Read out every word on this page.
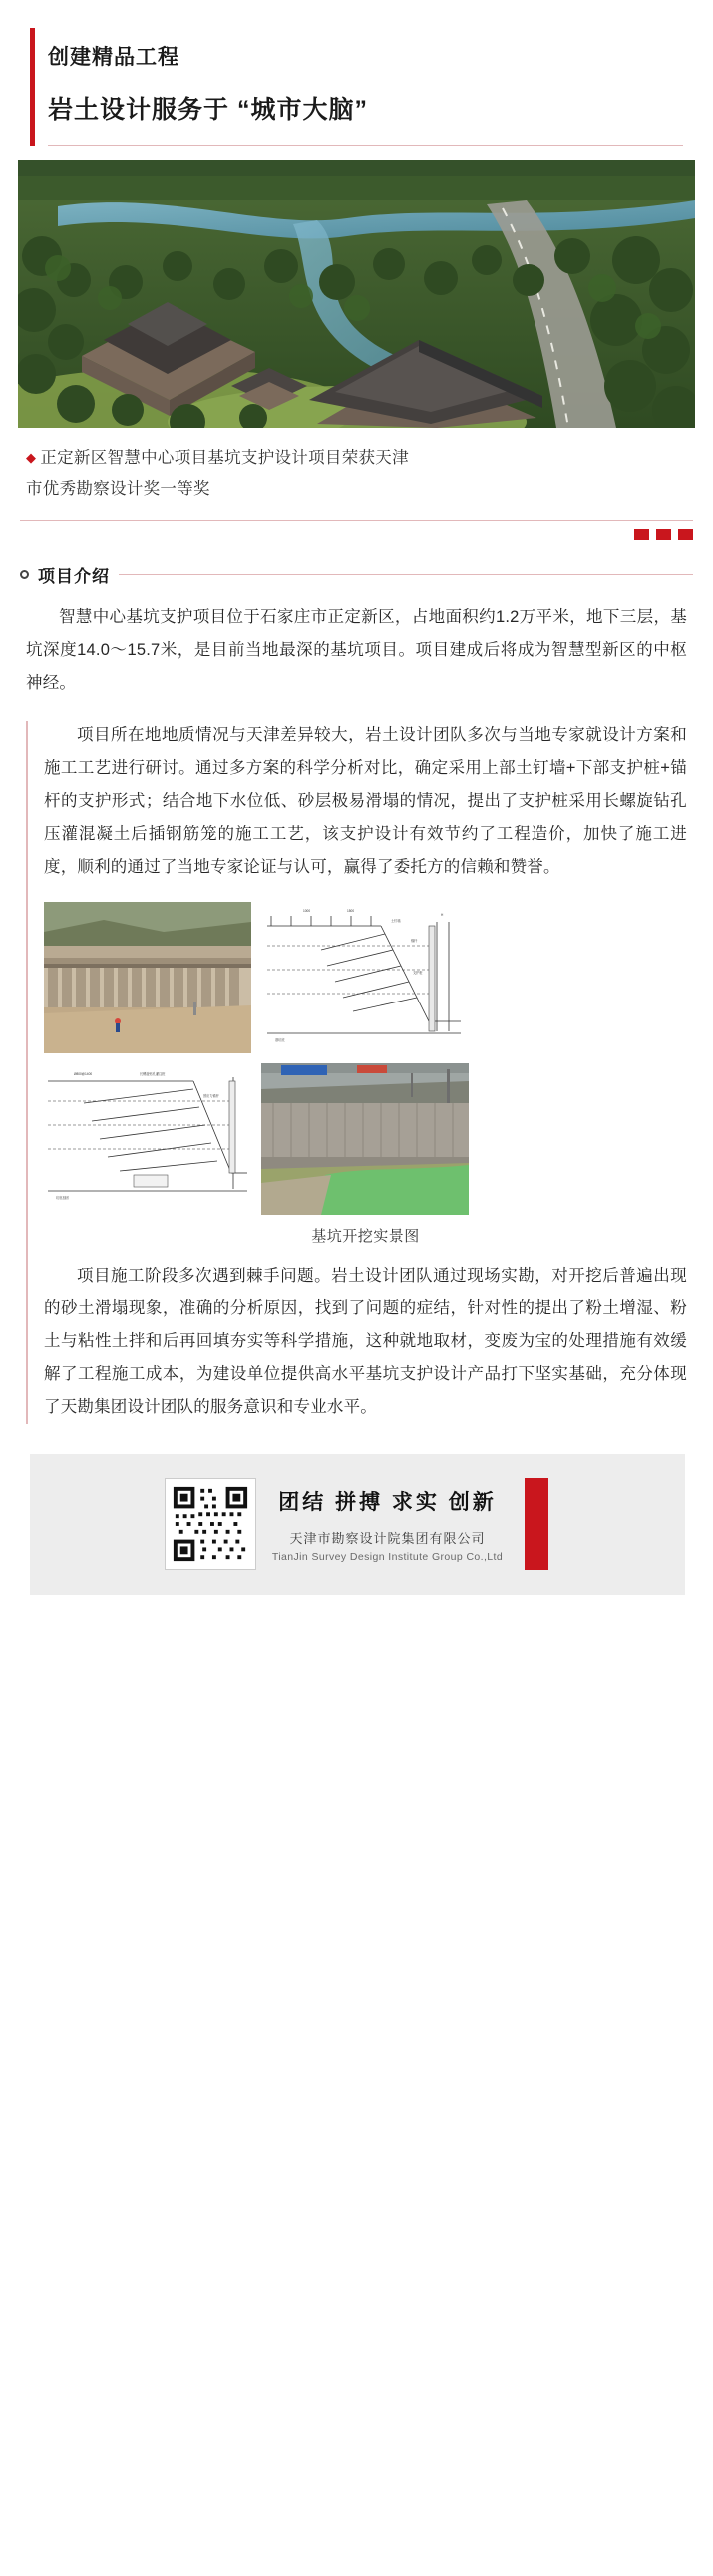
创建精品工程
岩土设计服务于 “城市大脑”
◆ 正定新区智慧中心项目基坑支护设计项目荣获天津
市优秀勘察设计奖一等奖
项目介绍

智慧中心基坑支护项目位于石家庄市正定新区，占地面积约1.2万平米，地下三层，基坑深度14.0～15.7米，是目前当地最深的基坑项目。项目建成后将成为智慧型新区的中枢神经。

项目所在地地质情况与天津差异较大，岩土设计团队多次与当地专家就设计方案和施工工艺进行研讨。通过多方案的科学分析对比，确定采用上部土钉墙+下部支护桩+锚杆的支护形式；结合地下水位低、砂层极易滑塌的情况，提出了支护桩采用长螺旋钻孔压灌混凝土后插钢筋笼的施工工艺，该支护设计有效节约了工程造价，加快了施工进度，顺利的通过了当地专家论证与认可，赢得了委托方的信赖和赞誉。

1000	1500
土钉墙
锚杆
支护桩
基坑底
H
Ø800@1400	长螺旋钻孔灌注桩
预应力锚杆
坑底加固
基坑开挖实景图

项目施工阶段多次遇到棘手问题。岩土设计团队通过现场实勘，对开挖后普遍出现的砂土滑塌现象，准确的分析原因，找到了问题的症结，针对性的提出了粉土增湿、粉土与粘性土拌和后再回填夯实等科学措施，这种就地取材，变废为宝的处理措施有效缓解了工程施工成本，为建设单位提供高水平基坑支护设计产品打下坚实基础，充分体现了天勘集团设计团队的服务意识和专业水平。

团结 拼搏 求实 创新
天津市勘察设计院集团有限公司
TianJin Survey Design Institute Group Co.,Ltd
